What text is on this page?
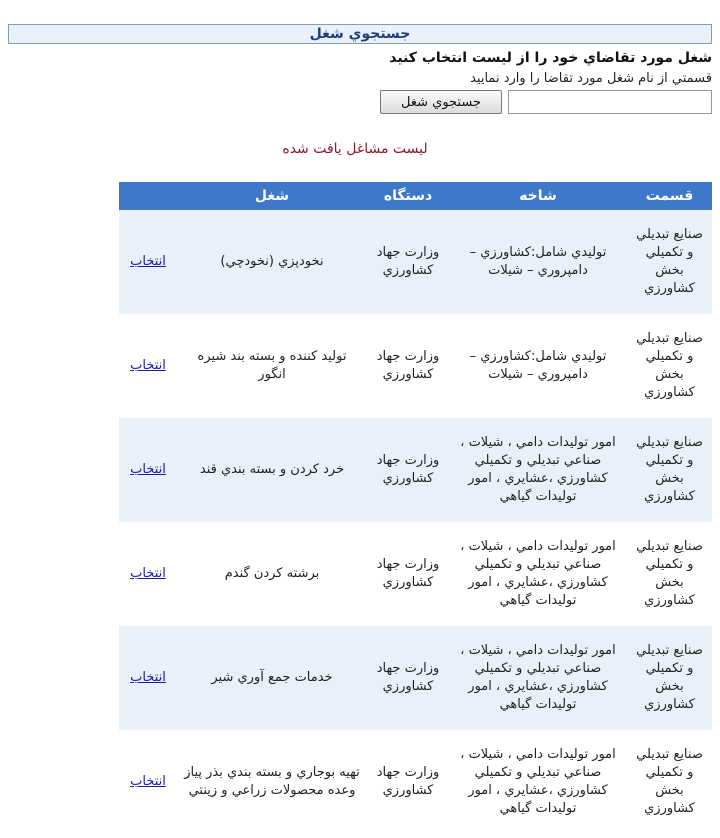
جستجوي شغل
شغل مورد تقاضاي خود را از ليست انتخاب كنيد
قسمتي از نام شغل مورد تقاضا را وارد نماييد
جستجوي شغل
ليست مشاغل يافت شده
قسمت	شاخه	دستگاه	شغل	
صنايع تبديلي و تكميلي بخش كشاورزي	توليدي شامل:كشاورزي – دامپروري – شيلات	وزارت جهاد كشاورزي	نخودپزي (نخودچي)	انتخاب
صنايع تبديلي و تكميلي بخش كشاورزي	توليدي شامل:كشاورزي – دامپروري – شيلات	وزارت جهاد كشاورزي	توليد كننده و بسته بند شيره انگور	انتخاب
صنايع تبديلي و تكميلي بخش كشاورزي	امور توليدات دامي ، شيلات ، صناعي تبديلي و تكميلي كشاورزي ،عشايري ، امور توليدات گياهي	وزارت جهاد كشاورزي	خرد كردن و بسته بندي قند	انتخاب
صنايع تبديلي و تكميلي بخش كشاورزي	امور توليدات دامي ، شيلات ، صناعي تبديلي و تكميلي كشاورزي ،عشايري ، امور توليدات گياهي	وزارت جهاد كشاورزي	برشته كردن گندم	انتخاب
صنايع تبديلي و تكميلي بخش كشاورزي	امور توليدات دامي ، شيلات ، صناعي تبديلي و تكميلي كشاورزي ،عشايري ، امور توليدات گياهي	وزارت جهاد كشاورزي	خدمات جمع آوري شير	انتخاب
صنايع تبديلي و تكميلي بخش كشاورزي	امور توليدات دامي ، شيلات ، صناعي تبديلي و تكميلي كشاورزي ،عشايري ، امور توليدات گياهي	وزارت جهاد كشاورزي	تهيه بوجاري و بسته بندي بذر پياز وعده محصولات زراعي و زينتي	انتخاب
